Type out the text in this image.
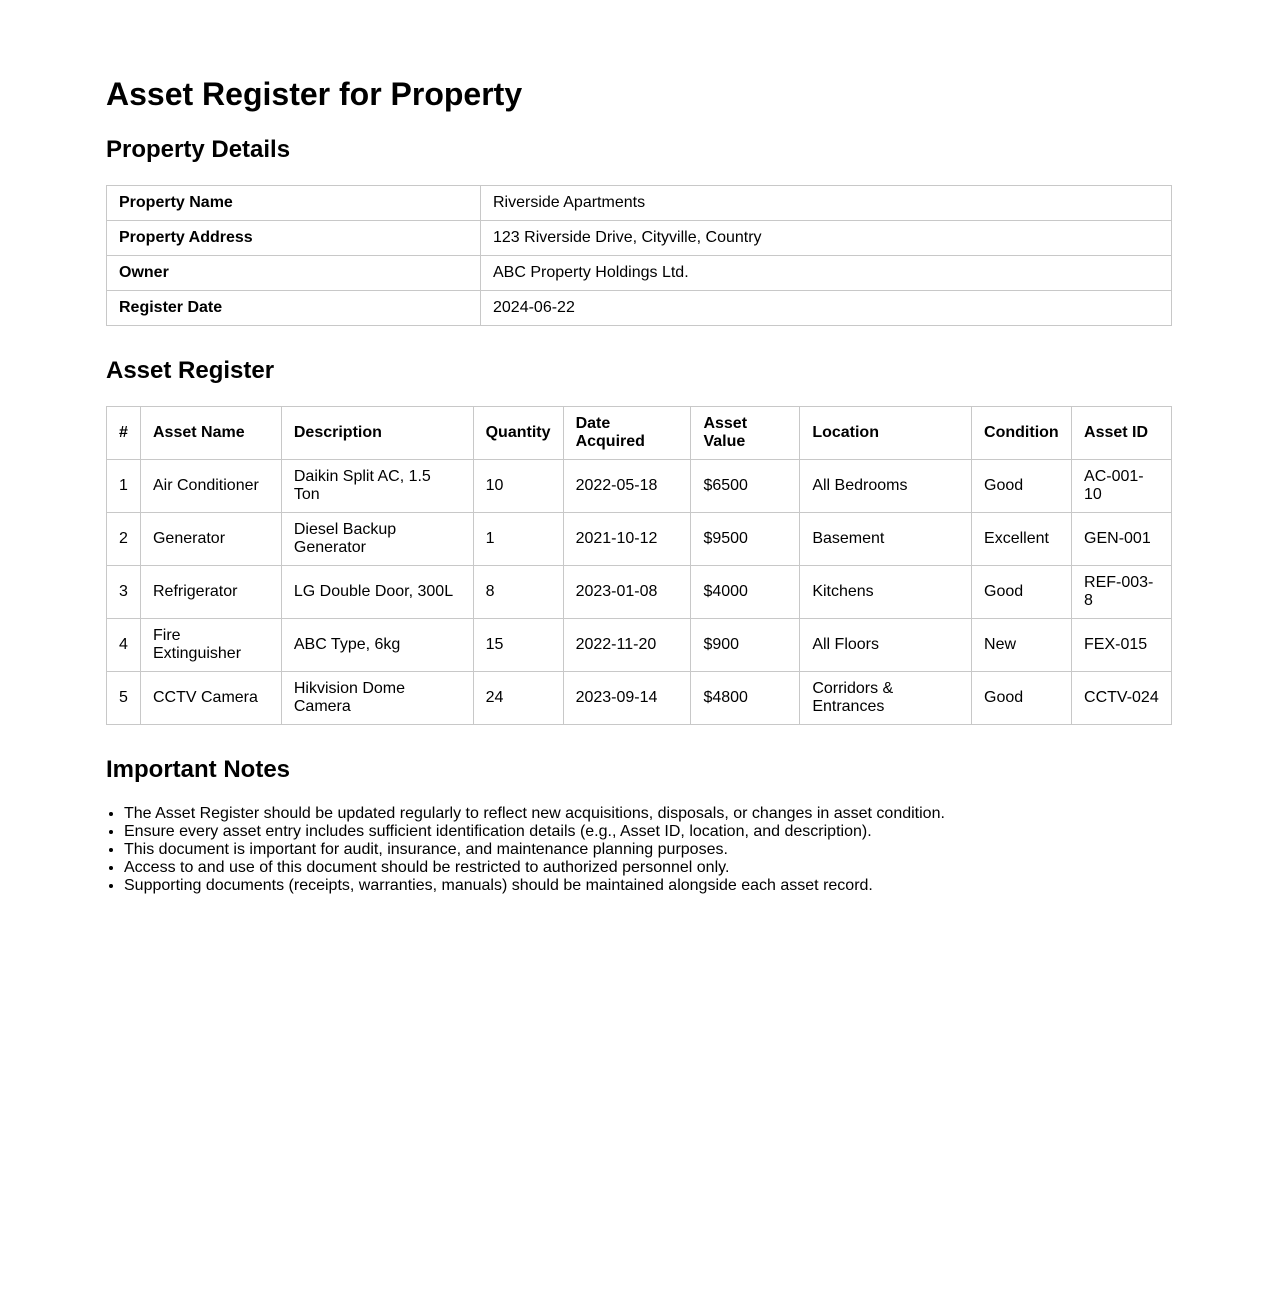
Asset Register for Property
Property Details
Property Name	Riverside Apartments
Property Address	123 Riverside Drive, Cityville, Country
Owner	ABC Property Holdings Ltd.
Register Date	2024-06-22
Asset Register
#	Asset Name	Description	Quantity	Date Acquired	Asset Value	Location	Condition	Asset ID
1	Air Conditioner	Daikin Split AC, 1.5 Ton	10	2022-05-18	$6500	All Bedrooms	Good	AC-001-10
2	Generator	Diesel Backup Generator	1	2021-10-12	$9500	Basement	Excellent	GEN-001
3	Refrigerator	LG Double Door, 300L	8	2023-01-08	$4000	Kitchens	Good	REF-003-8
4	Fire Extinguisher	ABC Type, 6kg	15	2022-11-20	$900	All Floors	New	FEX-015
5	CCTV Camera	Hikvision Dome Camera	24	2023-09-14	$4800	Corridors & Entrances	Good	CCTV-024
Important Notes
• The Asset Register should be updated regularly to reflect new acquisitions, disposals, or changes in asset condition.
• Ensure every asset entry includes sufficient identification details (e.g., Asset ID, location, and description).
• This document is important for audit, insurance, and maintenance planning purposes.
• Access to and use of this document should be restricted to authorized personnel only.
• Supporting documents (receipts, warranties, manuals) should be maintained alongside each asset record.
